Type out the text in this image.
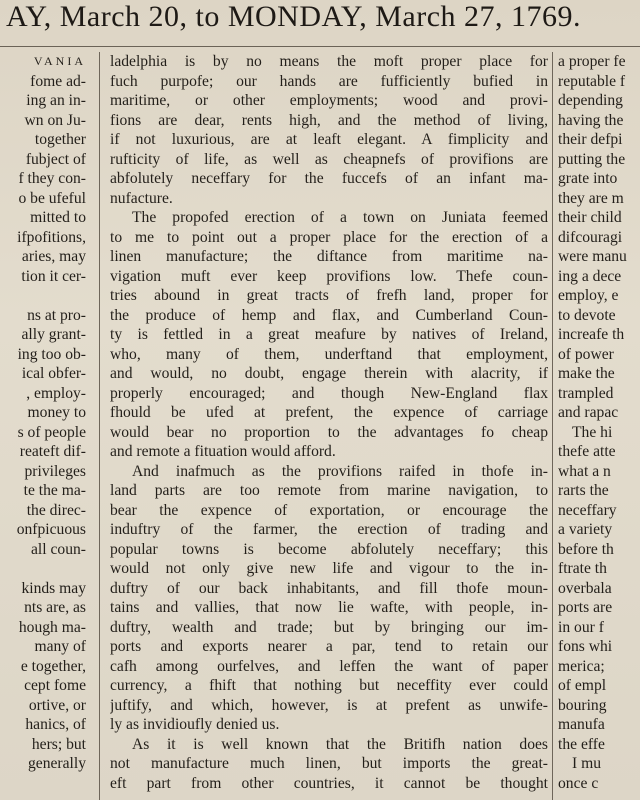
AY, March 20, to MONDAY, March 27, 1769.
VANIA
fome ad-
ing an in-
wn on Ju-
together
fubject of
f they con-
o be ufeful
mitted to
ifpofitions,
aries, may
tion it cer-

ns at pro-
ally grant-
ing too ob-
ical obfer-
, employ-
money to
s of people
reateft dif-
privileges
te the ma-
the direc-
onfpicuous
all coun-

kinds may
nts are, as
hough ma-
many of
e together,
cept fome
ortive, or
hanics, of
hers; but
generally

ladelphia is by no means the moft proper place for
fuch purpofe; our hands are fufficiently bufied in
maritime, or other employments; wood and provi-
fions are dear, rents high, and the method of living,
if not luxurious, are at leaft elegant. A fimplicity and
rufticity of life, as well as cheapnefs of provifions are
abfolutely neceffary for the fuccefs of an infant ma-
nufacture.

The propofed erection of a town on Juniata feemed
to me to point out a proper place for the erection of a
linen manufacture; the diftance from maritime na-
vigation muft ever keep provifions low. Thefe coun-
tries abound in great tracts of frefh land, proper for
the produce of hemp and flax, and Cumberland Coun-
ty is fettled in a great meafure by natives of Ireland,
who, many of them, underftand that employment,
and would, no doubt, engage therein with alacrity, if
properly encouraged; and though New-England flax
fhould be ufed at prefent, the expence of carriage
would bear no proportion to the advantages fo cheap
and remote a fituation would afford.

And inafmuch as the provifions raifed in thofe in-
land parts are too remote from marine navigation, to
bear the expence of exportation, or encourage the
induftry of the farmer, the erection of trading and
popular towns is become abfolutely neceffary; this
would not only give new life and vigour to the in-
duftry of our back inhabitants, and fill thofe moun-
tains and vallies, that now lie wafte, with people, in-
duftry, wealth and trade; but by bringing our im-
ports and exports nearer a par, tend to retain our
cafh among ourfelves, and leffen the want of paper
currency, a fhift that nothing but neceffity ever could
juftify, and which, however, is at prefent as unwife-
ly as invidioufly denied us.

As it is well known that the Britifh nation does
not manufacture much linen, but imports the great-
eft part from other countries, it cannot be thought

a proper fe
reputable f
depending
having the
their defpi
putting the
grate into
they are m
their child
difcouragi
were manu
ing a dece
employ, e
to devote
increafe th
of power
make the
trampled
and rapac
The hi
thefe atte
what a n
rarts the
neceffary
a variety
before th
ftrate th
overbala
ports are
in our f
fons whi
merica;
of empl
bouring
manufa
the effe
I mu
once c
